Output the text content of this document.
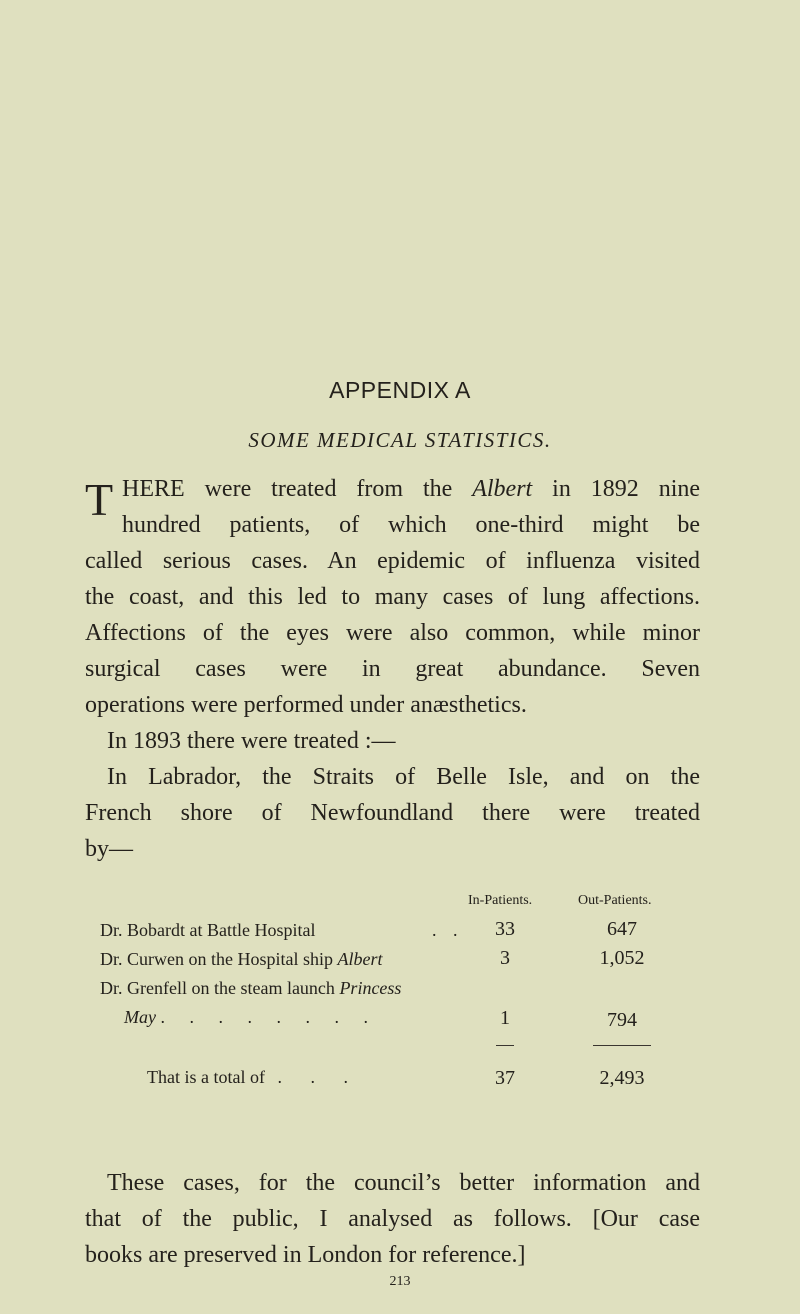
APPENDIX A
SOME MEDICAL STATISTICS.
T HERE were treated from the Albert in 1892 nine
hundred patients, of which one-third might be
called serious cases. An epidemic of influenza visited
the coast, and this led to many cases of lung affections.
Affections of the eyes were also common, while minor
surgical cases were in great abundance. Seven
operations were performed under anæsthetics.
In 1893 there were treated :—
In Labrador, the Straits of Belle Isle, and on the
French shore of Newfoundland there were treated
by—
In-Patients.	Out-Patients.
Dr. Bobardt at Battle Hospital	. .	33	647
Dr. Curwen on the Hospital ship Albert	3	1,052
Dr. Grenfell on the steam launch Princess
May . . . . . . . .	1	794
That is a total of . . .	37	2,493
These cases, for the council’s better information and
that of the public, I analysed as follows. [Our case
books are preserved in London for reference.]
213
